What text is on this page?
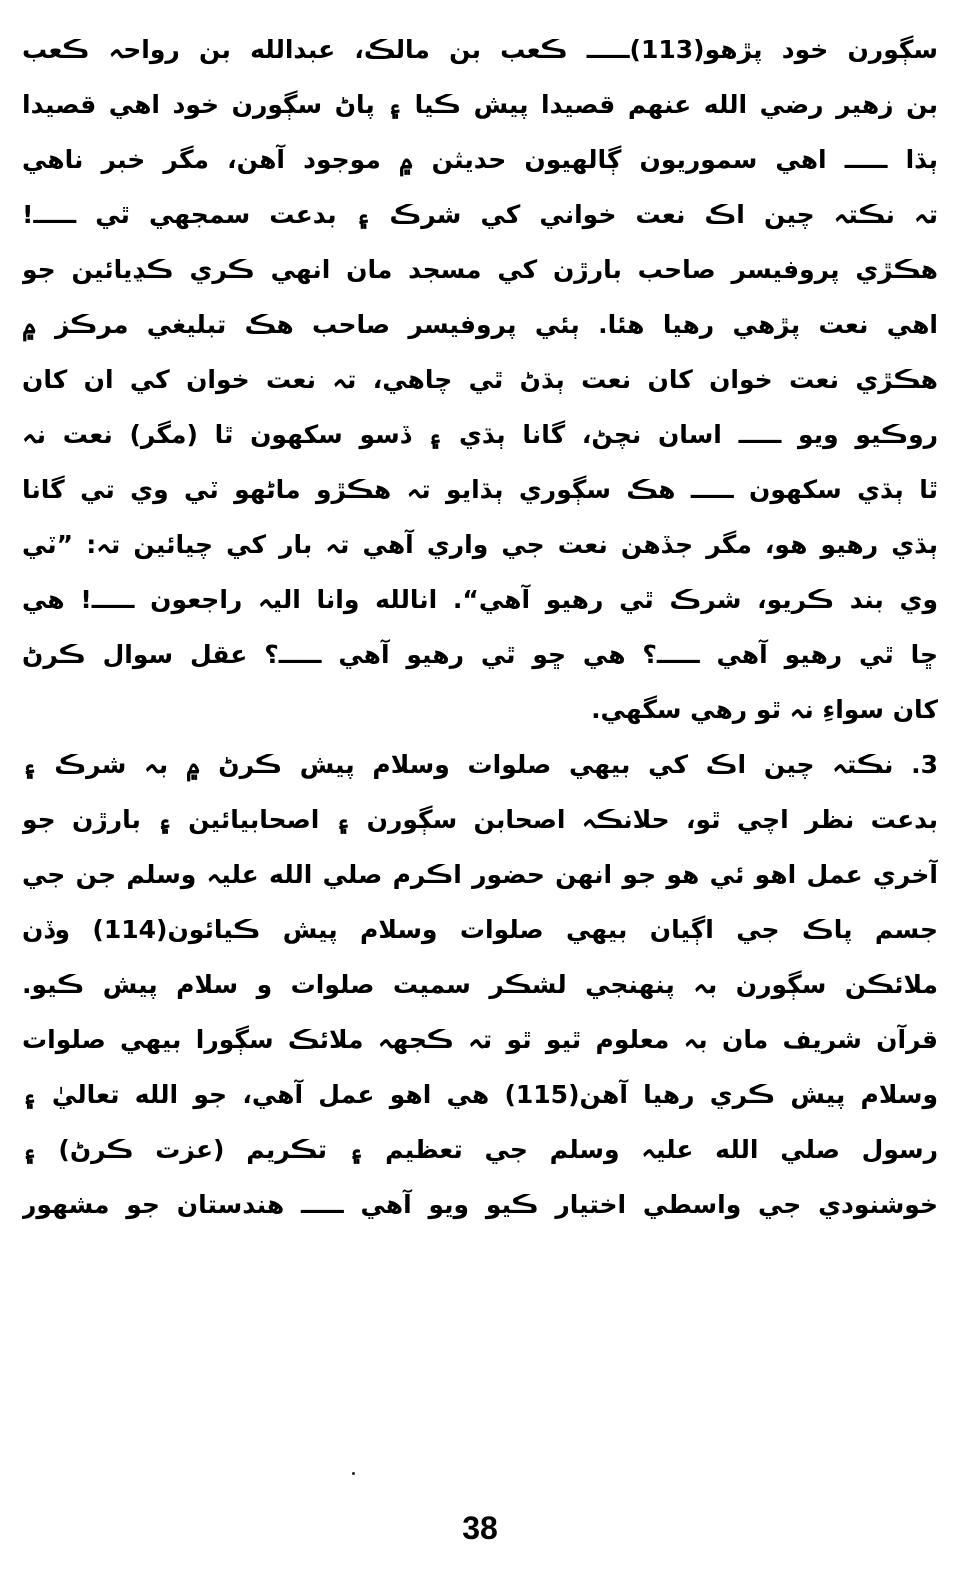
سڳورن خود پڙهو(113)ـــــ ڪعب بن مالڪ، عبدالله بن رواحہ ڪعب
بن زهير رضي الله عنهم قصيدا پيش ڪيا ۽ پاڻ سڳورن خود اهي قصيدا
ٻڌا ـــــ اهي سموريون ڳالهيون حديثن ۾ موجود آهن، مگر خبر ناهي
تہ نڪتہ چين اڪ نعت خواني کي شرڪ ۽ بدعت سمجهي ٿي ـــــ!
هڪڙي پروفيسر صاحب بارڙن کي مسجد مان انهي ڪري ڪڍيائين جو
اهي نعت پڙهي رهيا هئا. ٻئي پروفيسر صاحب هڪ تبليغي مرڪز ۾
هڪڙي نعت خوان کان نعت ٻڌڻ ٿي چاهي، تہ نعت خوان کي ان کان
روڪيو ويو ـــــ اسان نچڻ، گانا ٻڌي ۽ ڏسو سکهون ٿا (مگر) نعت نہ
ٿا ٻڌي سکهون ـــــ هڪ سڳوري ٻڌايو تہ هڪڙو ماڻهو ٽي وي تي گانا
ٻڌي رهيو هو، مگر جڏهن نعت جي واري آهي تہ بار کي چيائين تہ: ”ٽي
وي بند ڪريو، شرڪ ٿي رهيو آهي“. انالله وانا اليہ راجعون ـــــ! هي
ڇا ٿي رهيو آهي ـــــ؟ هي ڇو ٿي رهيو آهي ـــــ؟ عقل سوال ڪرڻ
کان سواءِ نہ ٿو رهي سگهي.
3. نڪتہ چين اڪ کي بيهي صلوات وسلام پيش ڪرڻ ۾ بہ شرڪ ۽
بدعت نظر اچي ٿو، حلانڪہ اصحابن سڳورن ۽ اصحابيائين ۽ بارڙن جو
آخري عمل اهو ئي هو جو انهن حضور اڪرم صلي الله عليہ وسلم جن جي
جسم پاڪ جي اڳيان بيهي صلوات وسلام پيش ڪيائون(114) وڏن
ملائڪن سڳورن بہ پنهنجي لشڪر سميت صلوات و سلام پيش ڪيو.
قرآن شريف مان بہ معلوم ٿيو ٿو تہ ڪجهہ ملائڪ سڳورا بيهي صلوات
وسلام پيش ڪري رهيا آهن(115) هي اهو عمل آهي، جو الله تعاليٰ ۽
رسول صلي الله عليہ وسلم جي تعظيم ۽ تڪريم (عزت ڪرڻ) ۽
خوشنودي جي واسطي اختيار ڪيو ويو آهي ـــــ هندستان جو مشهور
38
